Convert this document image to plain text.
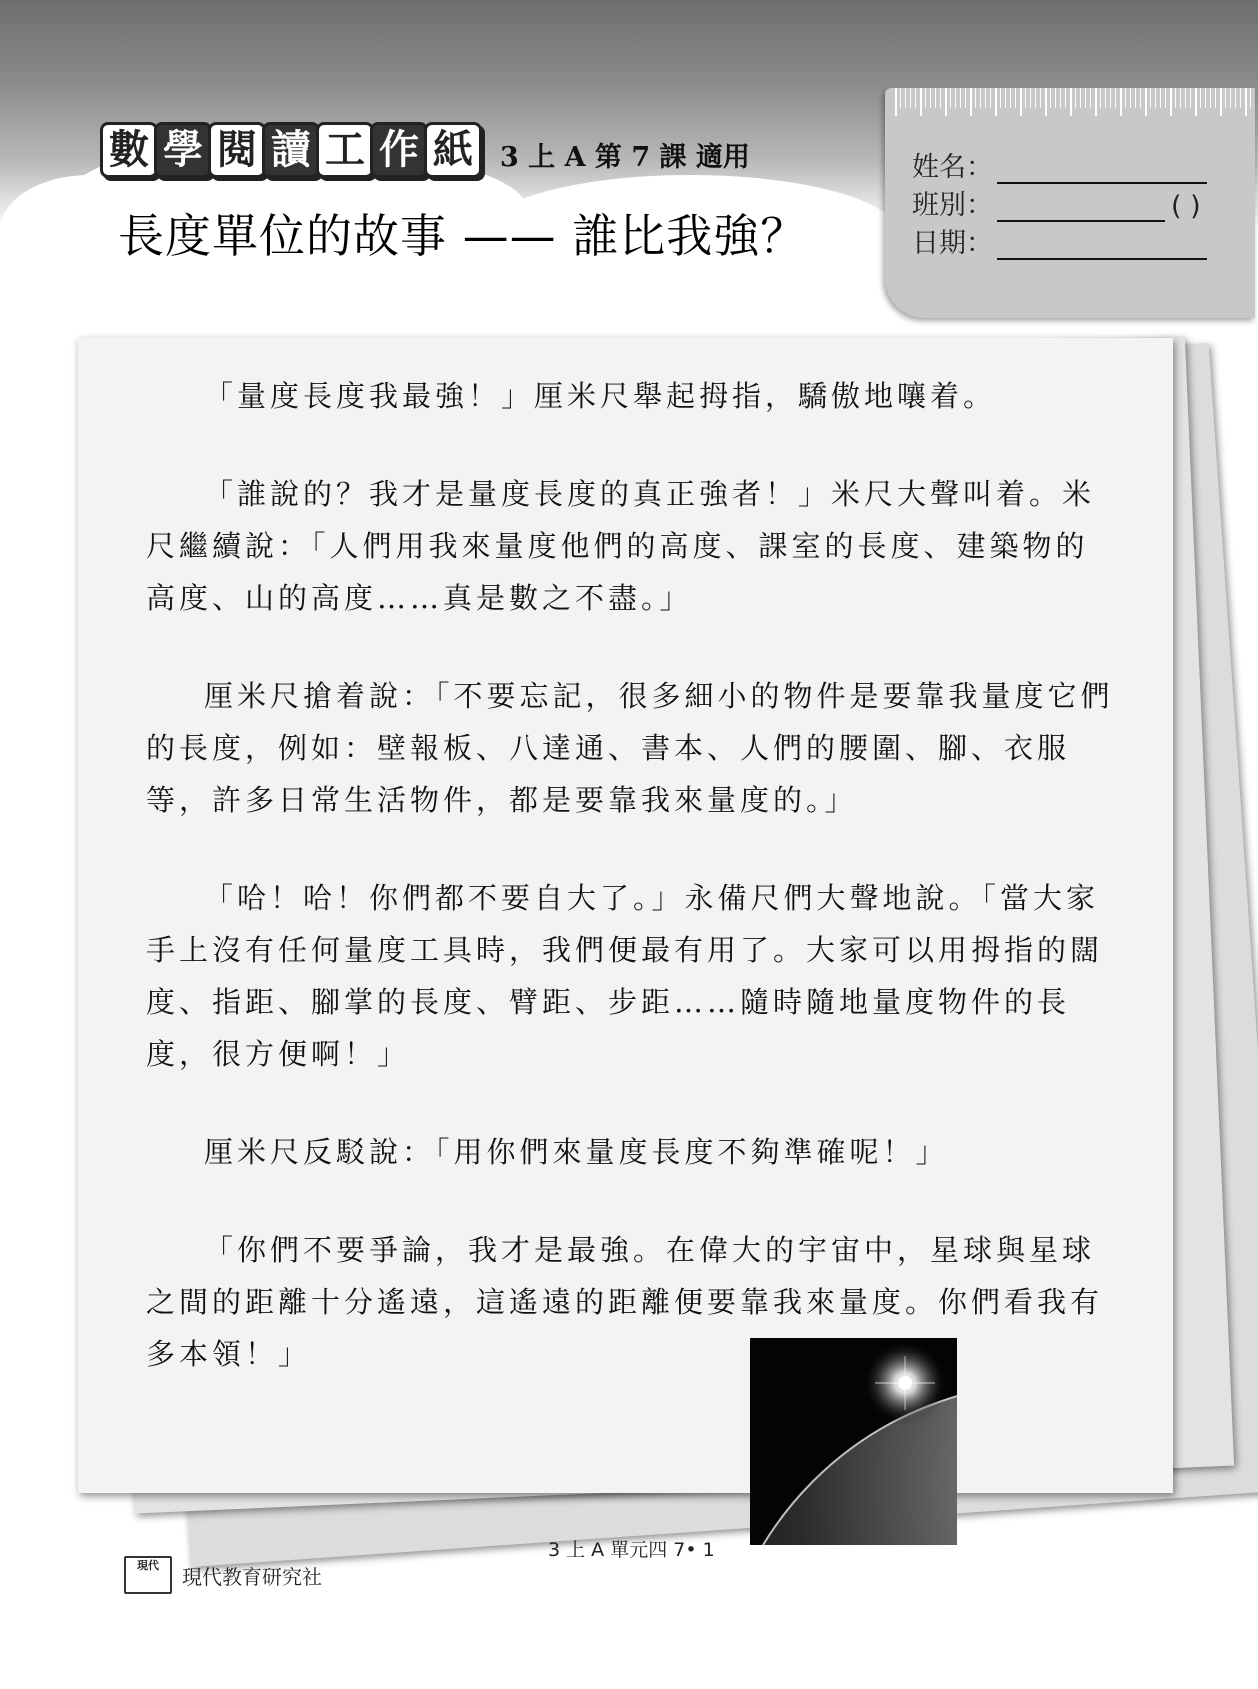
數 學 閱 讀 工 作 紙	3 上 A 第 7 課 適用
長度單位的故事 —— 誰比我強？
姓名：
班別：	( )
日期：

「量度長度我最強！」厘米尺舉起拇指，驕傲地嚷着。

「誰說的？我才是量度長度的真正強者！」米尺大聲叫着。米尺繼續說：「人們用我來量度他們的高度、課室的長度、建築物的高度、山的高度……真是數之不盡。」

厘米尺搶着說：「不要忘記，很多細小的物件是要靠我量度它們的長度，例如：壁報板、八達通、書本、人們的腰圍、腳、衣服等，許多日常生活物件，都是要靠我來量度的。」

「哈！哈！你們都不要自大了。」永備尺們大聲地說。「當大家手上沒有任何量度工具時，我們便最有用了。大家可以用拇指的闊度、指距、腳掌的長度、臂距、步距……隨時隨地量度物件的長度，很方便啊！」

厘米尺反駁說：「用你們來量度長度不夠準確呢！」

「你們不要爭論，我才是最強。在偉大的宇宙中，星球與星球之間的距離十分遙遠，這遙遠的距離便要靠我來量度。你們看我有多本領！」

3 上 A 單元四 7• 1
現代	現代教育研究社
